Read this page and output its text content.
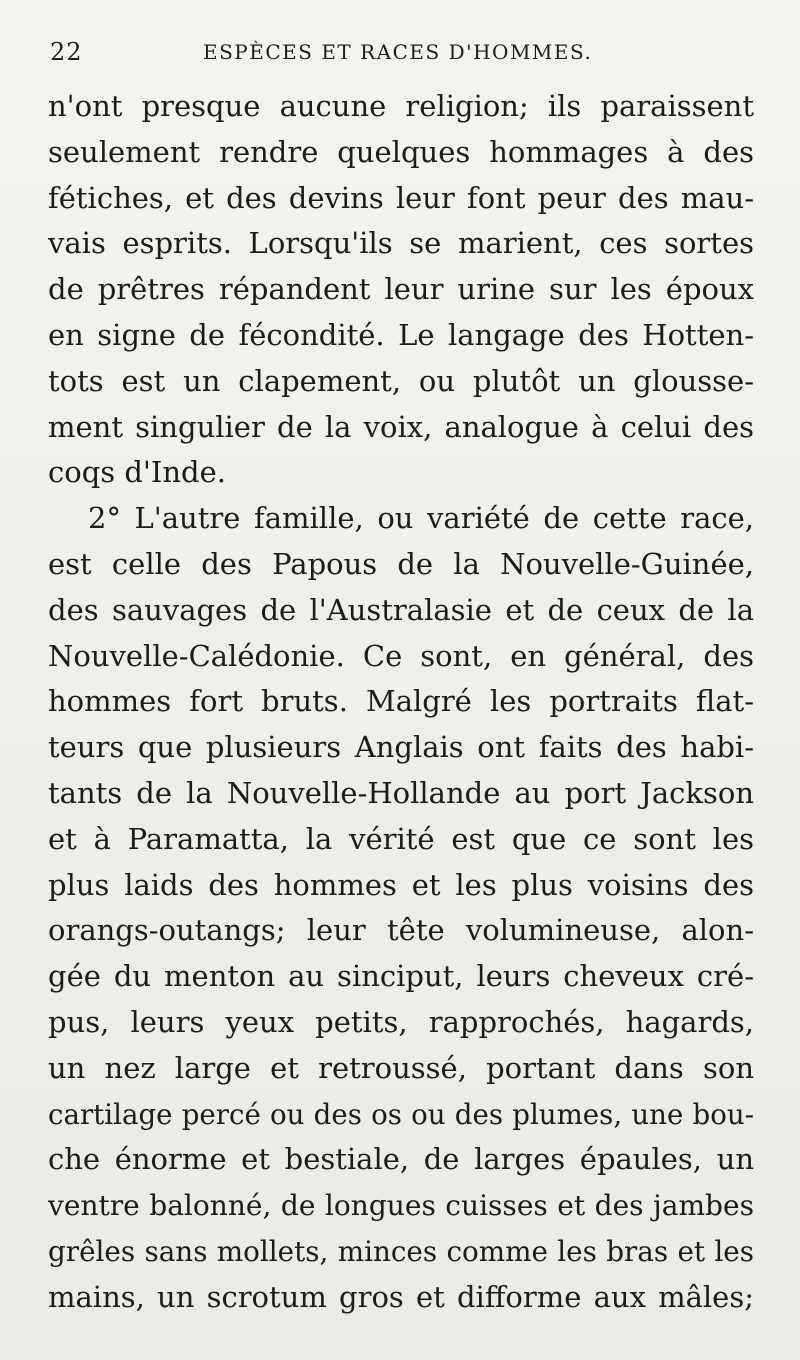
22	ESPÈCES ET RACES D'HOMMES.
n'ont presque aucune religion; ils paraissent
seulement rendre quelques hommages à des
fétiches, et des devins leur font peur des mau-
vais esprits. Lorsqu'ils se marient, ces sortes
de prêtres répandent leur urine sur les époux
en signe de fécondité. Le langage des Hotten-
tots est un clapement, ou plutôt un glousse-
ment singulier de la voix, analogue à celui des
coqs d'Inde.
2° L'autre famille, ou variété de cette race,
est celle des Papous de la Nouvelle-Guinée,
des sauvages de l'Australasie et de ceux de la
Nouvelle-Calédonie. Ce sont, en général, des
hommes fort bruts. Malgré les portraits flat-
teurs que plusieurs Anglais ont faits des habi-
tants de la Nouvelle-Hollande au port Jackson
et à Paramatta, la vérité est que ce sont les
plus laids des hommes et les plus voisins des
orangs-outangs; leur tête volumineuse, alon-
gée du menton au sinciput, leurs cheveux cré-
pus, leurs yeux petits, rapprochés, hagards,
un nez large et retroussé, portant dans son
cartilage percé ou des os ou des plumes, une bou-
che énorme et bestiale, de larges épaules, un
ventre balonné, de longues cuisses et des jambes
grêles sans mollets, minces comme les bras et les
mains, un scrotum gros et difforme aux mâles;
